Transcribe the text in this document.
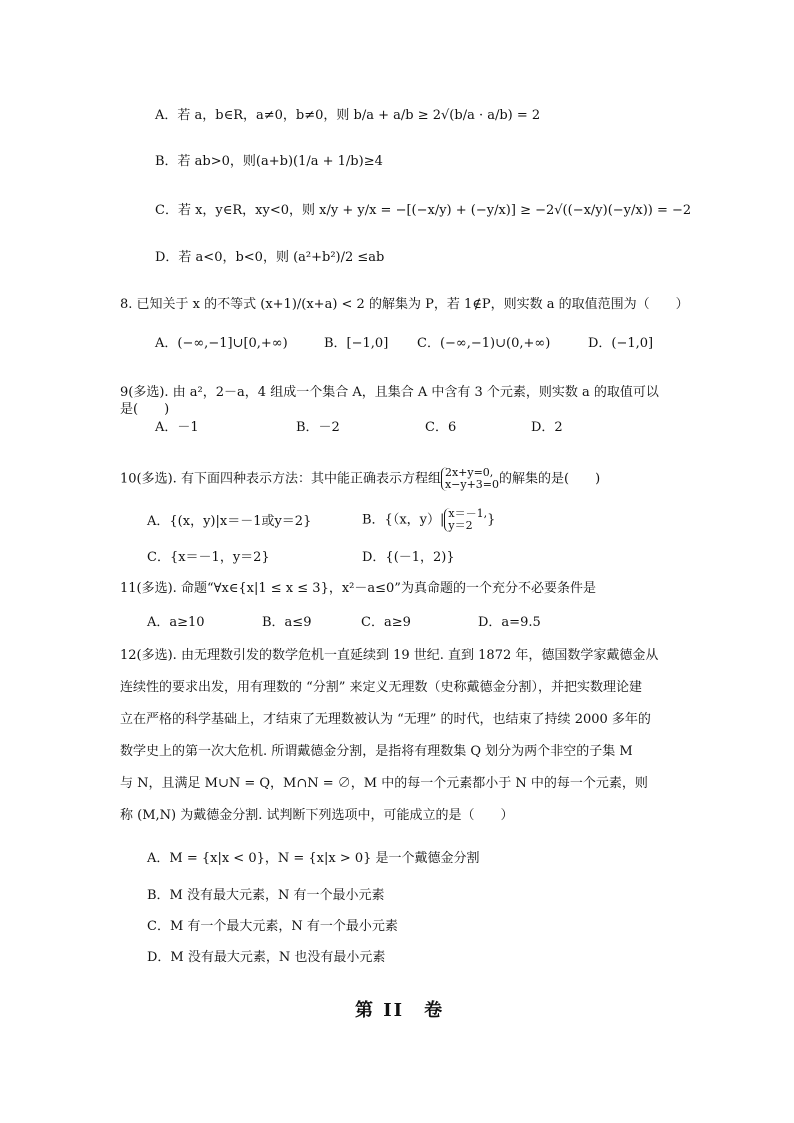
A．若 a，b∈R，a≠0，b≠0，则 b/a + a/b ≥ 2√(b/a · a/b) = 2
B．若 ab>0，则(a+b)(1/a + 1/b)≥4
C．若 x，y∈R，xy<0，则 x/y + y/x = −[(−x/y) + (−y/x)] ≥ −2√((−x/y)(−y/x)) = −2
D．若 a<0，b<0，则 (a²+b²)/2 ≤ab
8. 已知关于 x 的不等式 (x+1)/(x+a) < 2 的解集为 P，若 1∉P，则实数 a 的取值范围为（　　）
A．(−∞,−1]∪[0,+∞)	B．[−1,0] C．(−∞,−1)∪(0,+∞)	D．(−1,0]
9(多选). 由 a²，2－a，4 组成一个集合 A，且集合 A 中含有 3 个元素，则实数 a 的取值可以
是(　　)
A．－1	B．－2	C．6	D．2
10(多选). 有下面四种表示方法：其中能正确表示方程组 2x+y=0,
x−y+3=0 的解集的是(　　)
A．{(x，y)|x＝－1或y＝2}	B．{（x，y）| x＝－1,
y＝2	}
C．{x＝－1，y＝2}	D．{(－1，2)}
11(多选). 命题“∀x∈{x|1 ≤ x ≤ 3}，x²－a≤0”为真命题的一个充分不必要条件是
A．a≥10	B．a≤9	C．a≥9	D．a=9.5
12(多选). 由无理数引发的数学危机一直延续到 19 世纪. 直到 1872 年，德国数学家戴德金从
连续性的要求出发，用有理数的 “分割” 来定义无理数（史称戴德金分割），并把实数理论建
立在严格的科学基础上，才结束了无理数被认为 “无理” 的时代，也结束了持续 2000 多年的
数学史上的第一次大危机. 所谓戴德金分割，是指将有理数集 Q 划分为两个非空的子集 M
与 N，且满足 M∪N = Q，M∩N = ∅，M 中的每一个元素都小于 N 中的每一个元素，则
称 (M,N) 为戴德金分割. 试判断下列选项中，可能成立的是（　　）
A．M = {x|x < 0}，N = {x|x > 0} 是一个戴德金分割
B．M 没有最大元素，N 有一个最小元素
C．M 有一个最大元素，N 有一个最小元素
D．M 没有最大元素，N 也没有最小元素
第 II　卷
